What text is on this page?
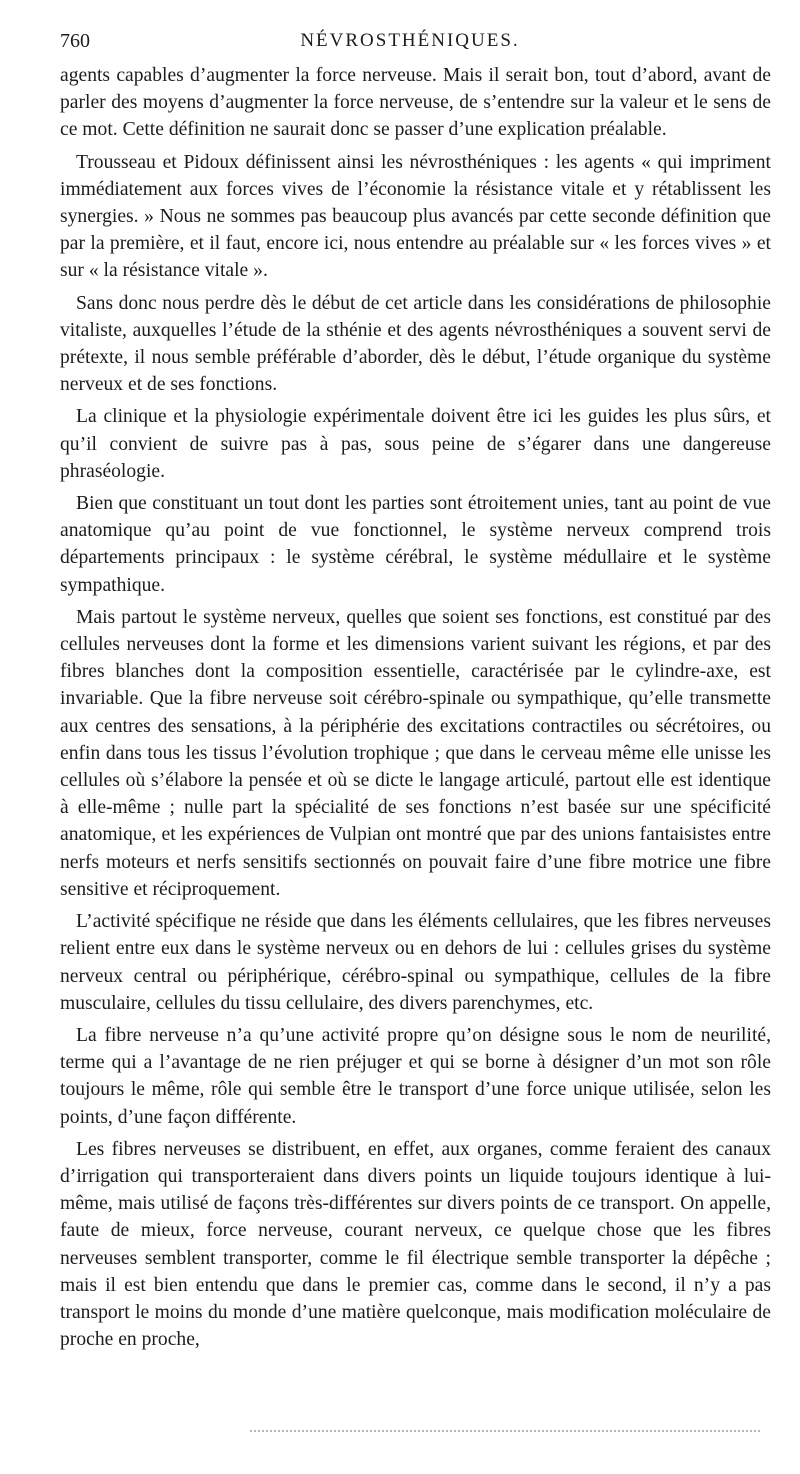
760	NÉVROSTHÉNIQUES.

agents capables d’augmenter la force nerveuse. Mais il serait bon, tout d’abord, avant de parler des moyens d’augmenter la force nerveuse, de s’entendre sur la valeur et le sens de ce mot. Cette définition ne saurait donc se passer d’une explication préalable.

Trousseau et Pidoux définissent ainsi les névrosthéniques : les agents « qui impriment immédiatement aux forces vives de l’économie la résistance vitale et y rétablissent les synergies. » Nous ne sommes pas beaucoup plus avancés par cette seconde définition que par la première, et il faut, encore ici, nous entendre au préalable sur « les forces vives » et sur « la résistance vitale ».

Sans donc nous perdre dès le début de cet article dans les considérations de philosophie vitaliste, auxquelles l’étude de la sthénie et des agents névrosthéniques a souvent servi de prétexte, il nous semble préférable d’aborder, dès le début, l’étude organique du système nerveux et de ses fonctions.

La clinique et la physiologie expérimentale doivent être ici les guides les plus sûrs, et qu’il convient de suivre pas à pas, sous peine de s’égarer dans une dangereuse phraséologie.

Bien que constituant un tout dont les parties sont étroitement unies, tant au point de vue anatomique qu’au point de vue fonctionnel, le système nerveux comprend trois départements principaux : le système cérébral, le système médullaire et le système sympathique.

Mais partout le système nerveux, quelles que soient ses fonctions, est constitué par des cellules nerveuses dont la forme et les dimensions varient suivant les régions, et par des fibres blanches dont la composition essentielle, caractérisée par le cylindre-axe, est invariable. Que la fibre nerveuse soit cérébro-spinale ou sympathique, qu’elle transmette aux centres des sensations, à la périphérie des excitations contractiles ou sécrétoires, ou enfin dans tous les tissus l’évolution trophique ; que dans le cerveau même elle unisse les cellules où s’élabore la pensée et où se dicte le langage articulé, partout elle est identique à elle-même ; nulle part la spécialité de ses fonctions n’est basée sur une spécificité anatomique, et les expériences de Vulpian ont montré que par des unions fantaisistes entre nerfs moteurs et nerfs sensitifs sectionnés on pouvait faire d’une fibre motrice une fibre sensitive et réciproquement.

L’activité spécifique ne réside que dans les éléments cellulaires, que les fibres nerveuses relient entre eux dans le système nerveux ou en dehors de lui : cellules grises du système nerveux central ou périphérique, cérébro-spinal ou sympathique, cellules de la fibre musculaire, cellules du tissu cellulaire, des divers parenchymes, etc.

La fibre nerveuse n’a qu’une activité propre qu’on désigne sous le nom de neurilité, terme qui a l’avantage de ne rien préjuger et qui se borne à désigner d’un mot son rôle toujours le même, rôle qui semble être le transport d’une force unique utilisée, selon les points, d’une façon différente.

Les fibres nerveuses se distribuent, en effet, aux organes, comme feraient des canaux d’irrigation qui transporteraient dans divers points un liquide toujours identique à lui-même, mais utilisé de façons très-différentes sur divers points de ce transport. On appelle, faute de mieux, force nerveuse, courant nerveux, ce quelque chose que les fibres nerveuses semblent transporter, comme le fil électrique semble transporter la dépêche ; mais il est bien entendu que dans le premier cas, comme dans le second, il n’y a pas transport le moins du monde d’une matière quelconque, mais modification moléculaire de proche en proche,
